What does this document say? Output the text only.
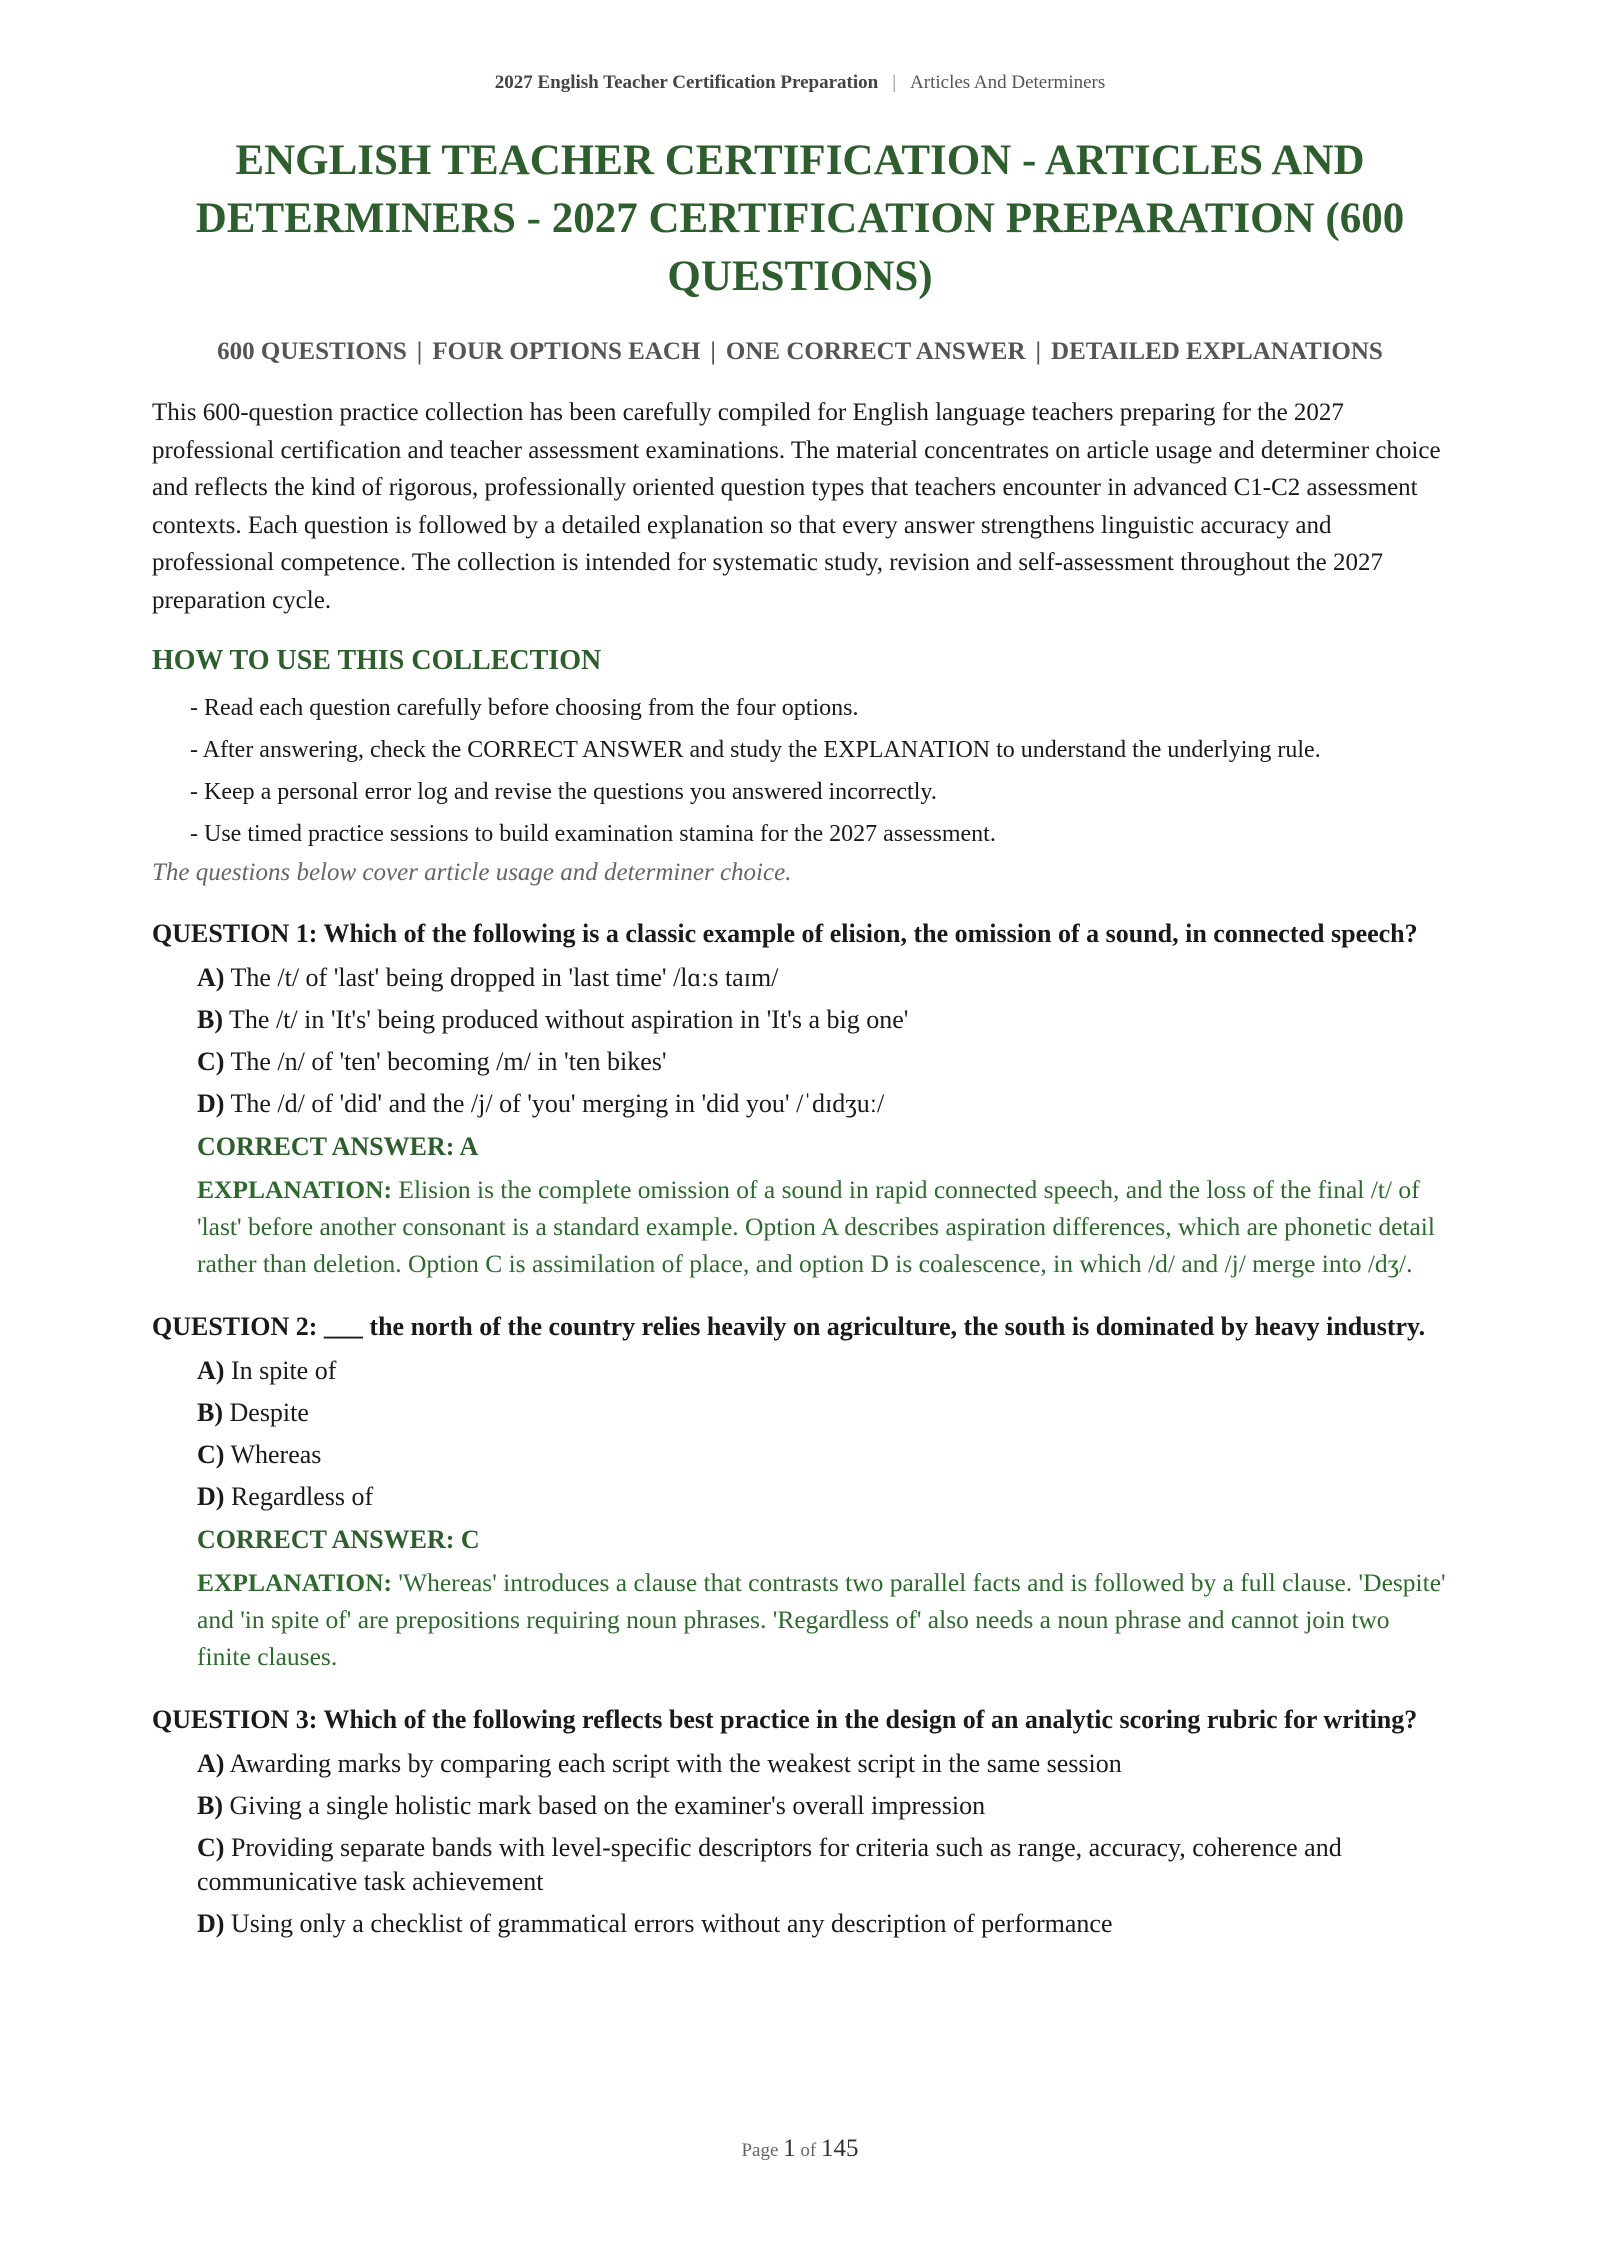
2027 English Teacher Certification Preparation | Articles And Determiners
ENGLISH TEACHER CERTIFICATION - ARTICLES AND DETERMINERS - 2027 CERTIFICATION PREPARATION (600 QUESTIONS)
600 QUESTIONS | FOUR OPTIONS EACH | ONE CORRECT ANSWER | DETAILED EXPLANATIONS

This 600-question practice collection has been carefully compiled for English language teachers preparing for the 2027 professional certification and teacher assessment examinations. The material concentrates on article usage and determiner choice and reflects the kind of rigorous, professionally oriented question types that teachers encounter in advanced C1-C2 assessment contexts. Each question is followed by a detailed explanation so that every answer strengthens linguistic accuracy and professional competence. The collection is intended for systematic study, revision and self-assessment throughout the 2027 preparation cycle.

HOW TO USE THIS COLLECTION
- Read each question carefully before choosing from the four options.
- After answering, check the CORRECT ANSWER and study the EXPLANATION to understand the underlying rule.
- Keep a personal error log and revise the questions you answered incorrectly.
- Use timed practice sessions to build examination stamina for the 2027 assessment.
The questions below cover article usage and determiner choice.
QUESTION 1: Which of the following is a classic example of elision, the omission of a sound, in connected speech?
A) The /t/ of 'last' being dropped in 'last time' /lɑːs taɪm/
B) The /t/ in 'It's' being produced without aspiration in 'It's a big one'
C) The /n/ of 'ten' becoming /m/ in 'ten bikes'
D) The /d/ of 'did' and the /j/ of 'you' merging in 'did you' /ˈdɪdʒuː/
CORRECT ANSWER: A
EXPLANATION: Elision is the complete omission of a sound in rapid connected speech, and the loss of the final /t/ of 'last' before another consonant is a standard example. Option A describes aspiration differences, which are phonetic detail rather than deletion. Option C is assimilation of place, and option D is coalescence, in which /d/ and /j/ merge into /dʒ/.
QUESTION 2: ___ the north of the country relies heavily on agriculture, the south is dominated by heavy industry.
A) In spite of
B) Despite
C) Whereas
D) Regardless of
CORRECT ANSWER: C
EXPLANATION: 'Whereas' introduces a clause that contrasts two parallel facts and is followed by a full clause. 'Despite' and 'in spite of' are prepositions requiring noun phrases. 'Regardless of' also needs a noun phrase and cannot join two finite clauses.
QUESTION 3: Which of the following reflects best practice in the design of an analytic scoring rubric for writing?
A) Awarding marks by comparing each script with the weakest script in the same session
B) Giving a single holistic mark based on the examiner's overall impression
C) Providing separate bands with level-specific descriptors for criteria such as range, accuracy, coherence and communicative task achievement
D) Using only a checklist of grammatical errors without any description of performance
Page 1 of 145
